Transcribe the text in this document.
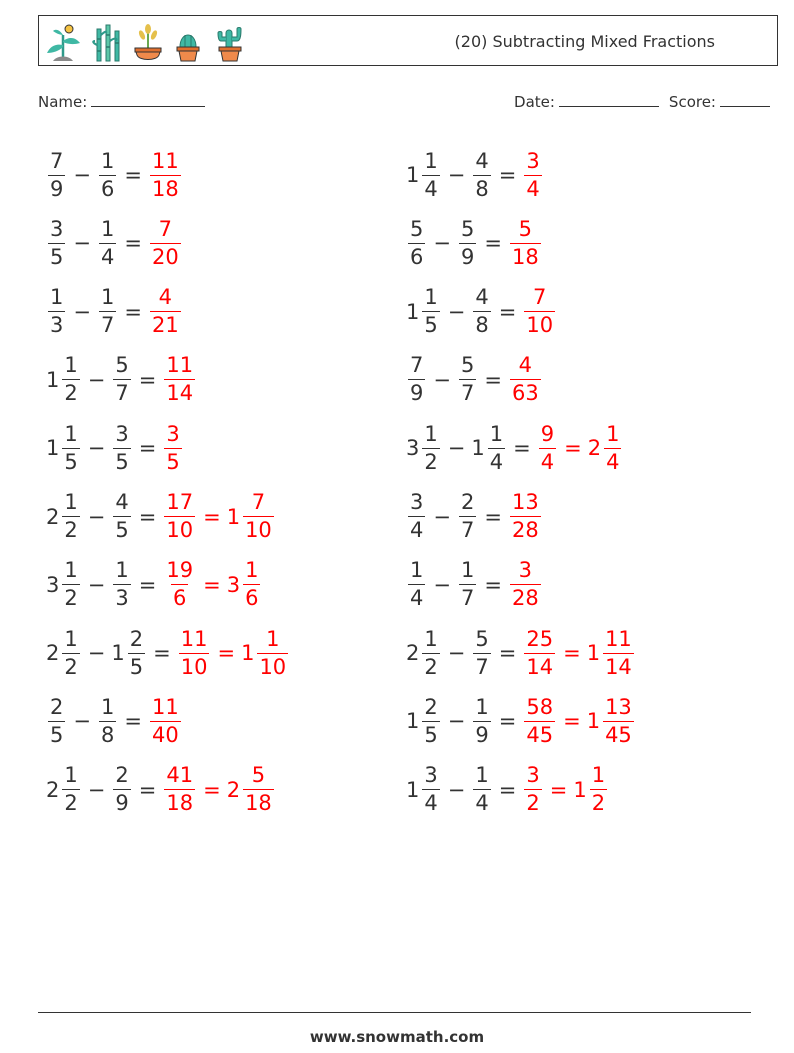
(20) Subtracting Mixed Fractions
Name:	Date:	Score:
$\frac{7}{9} - \frac{1}{6} = \frac{11}{18}$	$1 \frac{1}{4} - \frac{4}{8} = \frac{3}{4}$
$\frac{3}{5} - \frac{1}{4} = \frac{7}{20}$	$\frac{5}{6} - \frac{5}{9} = \frac{5}{18}$
$\frac{1}{3} - \frac{1}{7} = \frac{4}{21}$	$1 \frac{1}{5} - \frac{4}{8} = \frac{7}{10}$
$1 \frac{1}{2} - \frac{5}{7} = \frac{11}{14}$	$\frac{7}{9} - \frac{5}{7} = \frac{4}{63}$
$1 \frac{1}{5} - \frac{3}{5} = \frac{3}{5}$	$3 \frac{1}{2} - 1 \frac{1}{4} = \frac{9}{4} = 2 \frac{1}{4}$
$2 \frac{1}{2} - \frac{4}{5} = \frac{17}{10} = 1 \frac{7}{10}$	$\frac{3}{4} - \frac{2}{7} = \frac{13}{28}$
$3 \frac{1}{2} - \frac{1}{3} = \frac{19}{6} = 3 \frac{1}{6}$	$\frac{1}{4} - \frac{1}{7} = \frac{3}{28}$
$2 \frac{1}{2} - 1 \frac{2}{5} = \frac{11}{10} = 1 \frac{1}{10}$	$2 \frac{1}{2} - \frac{5}{7} = \frac{25}{14} = 1 \frac{11}{14}$
$\frac{2}{5} - \frac{1}{8} = \frac{11}{40}$	$1 \frac{2}{5} - \frac{1}{9} = \frac{58}{45} = 1 \frac{13}{45}$
$2 \frac{1}{2} - \frac{2}{9} = \frac{41}{18} = 2 \frac{5}{18}$	$1 \frac{3}{4} - \frac{1}{4} = \frac{3}{2} = 1 \frac{1}{2}$
www.snowmath.com
